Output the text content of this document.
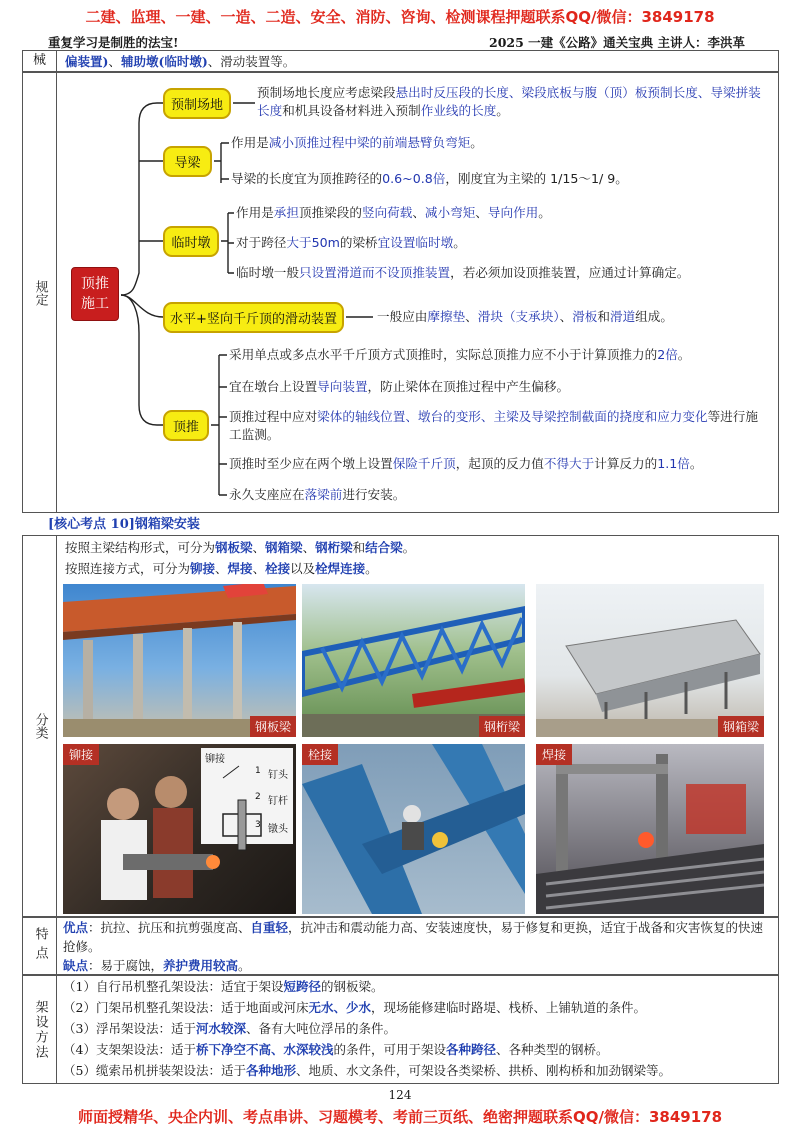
二建、监理、一建、一造、二造、安全、消防、咨询、检测课程押题联系QQ/微信：3849178
重复学习是制胜的法宝!	2025 一建《公路》通关宝典 主讲人：李洪革
械	偏装置)、辅助墩(临时墩)、滑动装置等。
规定	顶推
施工
预制场地
预制场地长度应考虑梁段悬出时反压段的长度、梁段底板与腹（顶）板预制长度、导梁拼装长度和机具设备材料进入预制作业线的长度。
导梁
作用是减小顶推过程中梁的前端悬臂负弯矩。
导梁的长度宜为顶推跨径的0.6~0.8倍，刚度宜为主梁的 1/15～1/ 9。
临时墩
作用是承担顶推梁段的竖向荷载、减小弯矩、导向作用。
对于跨径大于50m的梁桥宜设置临时墩。
临时墩一般只设置滑道而不设顶推装置，若必须加设顶推装置，应通过计算确定。
水平+竖向千斤顶的滑动装置	一般应由摩擦垫、滑块（支承块）、滑板和滑道组成。
顶推
采用单点或多点水平千斤顶方式顶推时，实际总顶推力应不小于计算顶推力的2倍。
宜在墩台上设置导向装置，防止梁体在顶推过程中产生偏移。
顶推过程中应对梁体的轴线位置、墩台的变形、主梁及导梁控制截面的挠度和应力变化等进行施工监测。
顶推时至少应在两个墩上设置保险千斤顶，起顶的反力值不得大于计算反力的1.1倍。
永久支座应在落梁前进行安装。
[核心考点 10]钢箱梁安装
分类
按照主梁结构形式，可分为钢板梁、钢箱梁、钢桁梁和结合梁。
按照连接方式，可分为铆接、焊接、栓接以及栓焊连接。
钢板梁	钢桁梁	钢箱梁
铆接	铆接
钉头
钉杆
镦头
1
2
3
栓接	焊接
特点 优点：抗拉、抗压和抗剪强度高、自重轻，抗冲击和震动能力高、安装速度快，易于修复和更换，适宜于战备和灾害恢复的快速抢修。
缺点：易于腐蚀，养护费用较高。
架设方法
（1）自行吊机整孔架设法：适宜于架设短跨径的钢板梁。
（2）门架吊机整孔架设法：适于地面或河床无水、少水，现场能修建临时路堤、栈桥、上铺轨道的条件。
（3）浮吊架设法：适于河水较深、备有大吨位浮吊的条件。
（4）支架架设法：适于桥下净空不高、水深较浅的条件，可用于架设各种跨径、各种类型的钢桥。
（5）缆索吊机拼装架设法：适于各种地形、地质、水文条件，可架设各类梁桥、拱桥、刚构桥和加劲钢梁等。
124
师面授精华、央企内训、考点串讲、习题模考、考前三页纸、绝密押题联系QQ/微信：3849178
